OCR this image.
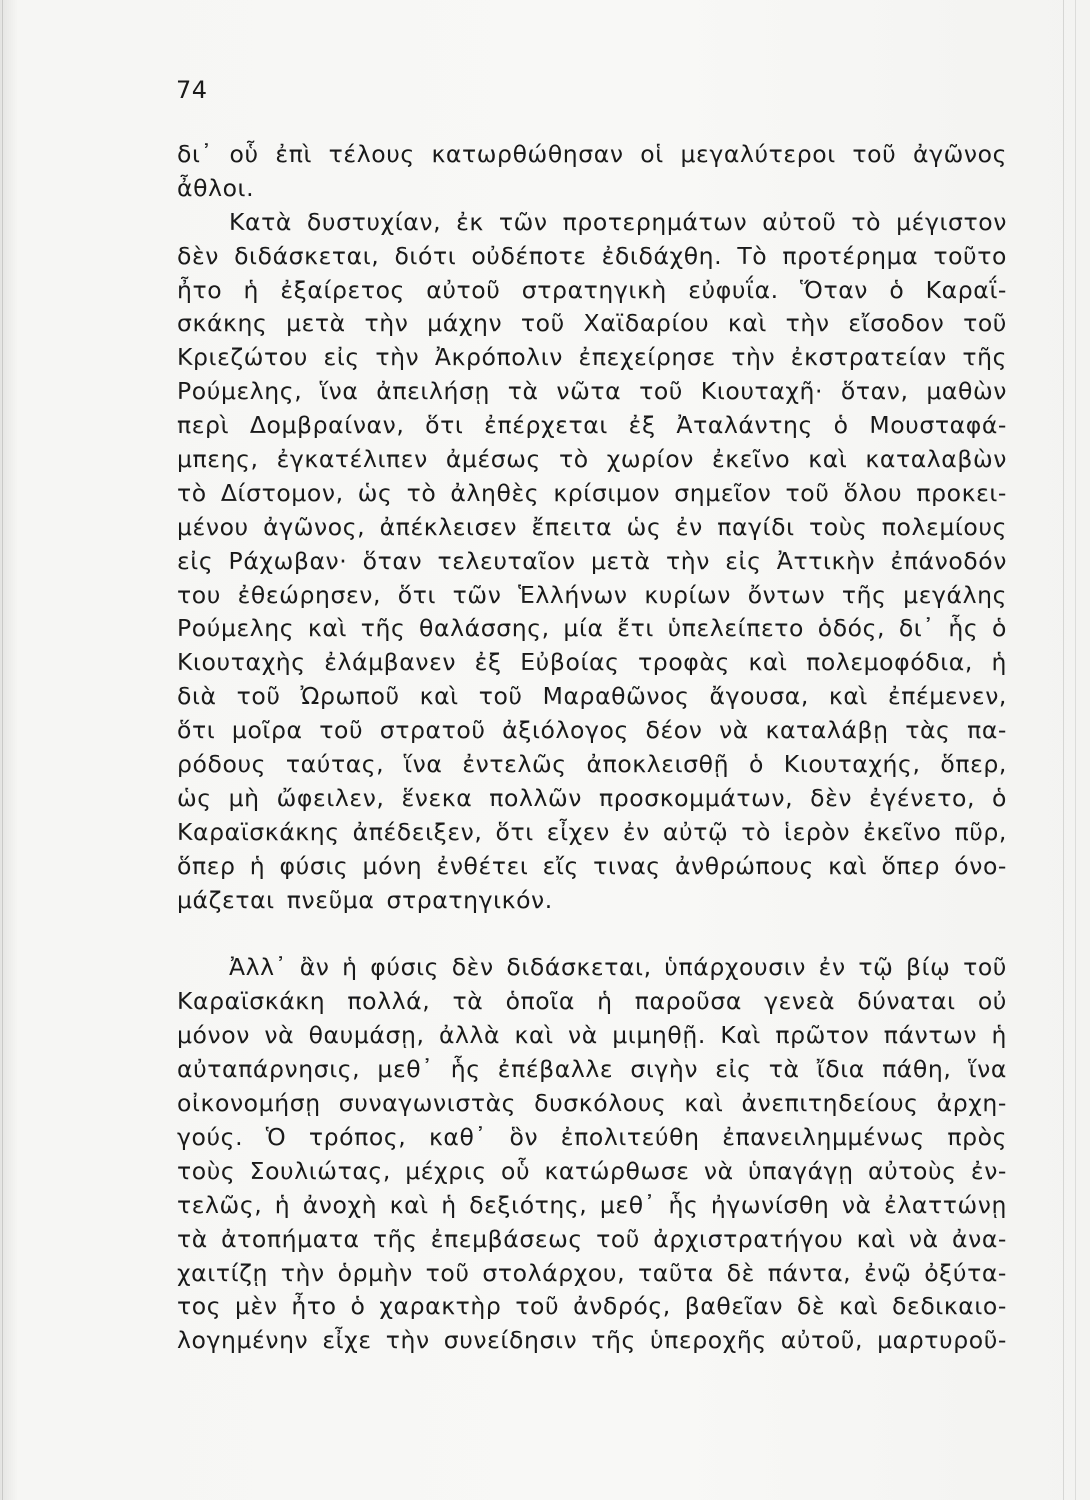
74
δι᾿ οὗ ἐπὶ τέλους κατωρθώθησαν οἱ μεγαλύτεροι τοῦ ἀγῶνος
ἆθλοι.
Κατὰ δυστυχίαν, ἐκ τῶν προτερημάτων αὐτοῦ τὸ μέγιστον
δὲν διδάσκεται, διότι οὐδέποτε ἐδιδάχθη. Τὸ προτέρημα τοῦτο
ἦτο ἡ ἐξαίρετος αὐτοῦ στρατηγικὴ εὐφυΐα. Ὅταν ὁ Καραΐ-
σκάκης μετὰ τὴν μάχην τοῦ Χαϊδαρίου καὶ τὴν εἴσοδον τοῦ
Κριεζώτου εἰς τὴν Ἀκρόπολιν ἐπεχείρησε τὴν ἐκστρατείαν τῆς
Ρούμελης, ἵνα ἀπειλήσῃ τὰ νῶτα τοῦ Κιουταχῆ· ὅταν, μαθὼν
περὶ Δομβραίναν, ὅτι ἐπέρχεται ἐξ Ἀταλάντης ὁ Μουσταφά-
μπεης, ἐγκατέλιπεν ἀμέσως τὸ χωρίον ἐκεῖνο καὶ καταλαβὼν
τὸ Δίστομον, ὡς τὸ ἀληθὲς κρίσιμον σημεῖον τοῦ ὅλου προκει-
μένου ἀγῶνος, ἀπέκλεισεν ἔπειτα ὡς ἐν παγίδι τοὺς πολεμίους
εἰς Ράχωβαν· ὅταν τελευταῖον μετὰ τὴν εἰς Ἀττικὴν ἐπάνοδόν
του ἐθεώρησεν, ὅτι τῶν Ἑλλήνων κυρίων ὄντων τῆς μεγάλης
Ρούμελης καὶ τῆς θαλάσσης, μία ἔτι ὑπελείπετο ὁδός, δι᾿ ἧς ὁ
Κιουταχὴς ἐλάμβανεν ἐξ Εὐβοίας τροφὰς καὶ πολεμοφόδια, ἡ
διὰ τοῦ Ὠρωποῦ καὶ τοῦ Μαραθῶνος ἄγουσα, καὶ ἐπέμενεν,
ὅτι μοῖρα τοῦ στρατοῦ ἀξιόλογος δέον νὰ καταλάβῃ τὰς πα-
ρόδους ταύτας, ἵνα ἐντελῶς ἀποκλεισθῇ ὁ Κιουταχής, ὅπερ,
ὡς μὴ ὤφειλεν, ἕνεκα πολλῶν προσκομμάτων, δὲν ἐγένετο, ὁ
Καραϊσκάκης ἀπέδειξεν, ὅτι εἶχεν ἐν αὐτῷ τὸ ἱερὸν ἐκεῖνο πῦρ,
ὅπερ ἡ φύσις μόνη ἐνθέτει εἴς τινας ἀνθρώπους καὶ ὅπερ όνο-
μάζεται πνεῦμα στρατηγικόν.
Ἀλλ᾿ ἂν ἡ φύσις δὲν διδάσκεται, ὑπάρχουσιν ἐν τῷ βίῳ τοῦ
Καραϊσκάκη πολλά, τὰ ὁποῖα ἡ παροῦσα γενεὰ δύναται οὐ
μόνον νὰ θαυμάσῃ, ἀλλὰ καὶ νὰ μιμηθῇ. Καὶ πρῶτον πάντων ἡ
αὐταπάρνησις, μεθ᾿ ἧς ἐπέβαλλε σιγὴν εἰς τὰ ἴδια πάθη, ἵνα
οἰκονομήσῃ συναγωνιστὰς δυσκόλους καὶ ἀνεπιτηδείους ἀρχη-
γούς. Ὁ τρόπος, καθ᾿ ὃν ἐπολιτεύθη ἐπανειλημμένως πρὸς
τοὺς Σουλιώτας, μέχρις οὗ κατώρθωσε νὰ ὑπαγάγῃ αὐτοὺς ἐν-
τελῶς, ἡ ἀνοχὴ καὶ ἡ δεξιότης, μεθ᾿ ἧς ἠγωνίσθη νὰ ἐλαττώνῃ
τὰ ἀτοπήματα τῆς ἐπεμβάσεως τοῦ ἀρχιστρατήγου καὶ νὰ ἀνα-
χαιτίζῃ τὴν ὁρμὴν τοῦ στολάρχου, ταῦτα δὲ πάντα, ἐνῷ ὀξύτα-
τος μὲν ἦτο ὁ χαρακτὴρ τοῦ ἀνδρός, βαθεῖαν δὲ καὶ δεδικαιο-
λογημένην εἶχε τὴν συνείδησιν τῆς ὑπεροχῆς αὐτοῦ, μαρτυροῦ-
